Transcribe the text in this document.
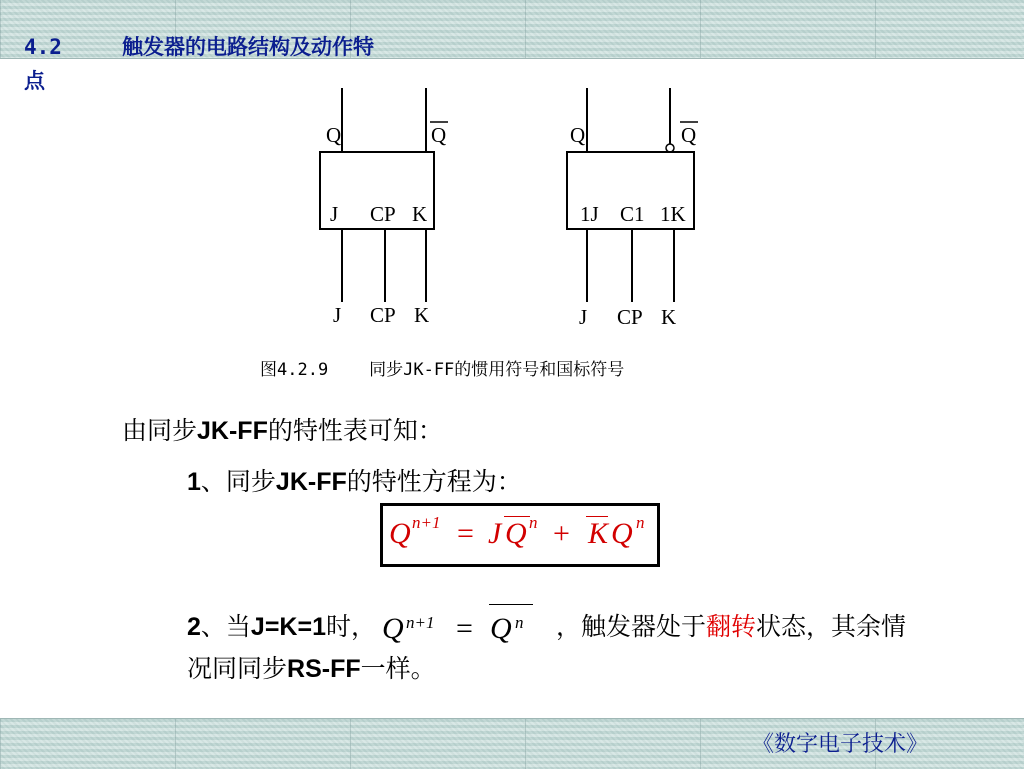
4.2	触发器的电路结构及动作特
点
Q	Q
J CP K
J CP K
Q	Q
1J C1 1K
J CP K
图4.2.9    同步JK-FF的惯用符号和国标符号
由同步JK-FF的特性表可知：
1、同步JK-FF的特性方程为：
Q n+1 = J Q n + K Q n
2、当J=K=1时， Q n+1 = Q n ，触发器处于翻转状态，其余情况同同步RS-FF一样。
《数字电子技术》
